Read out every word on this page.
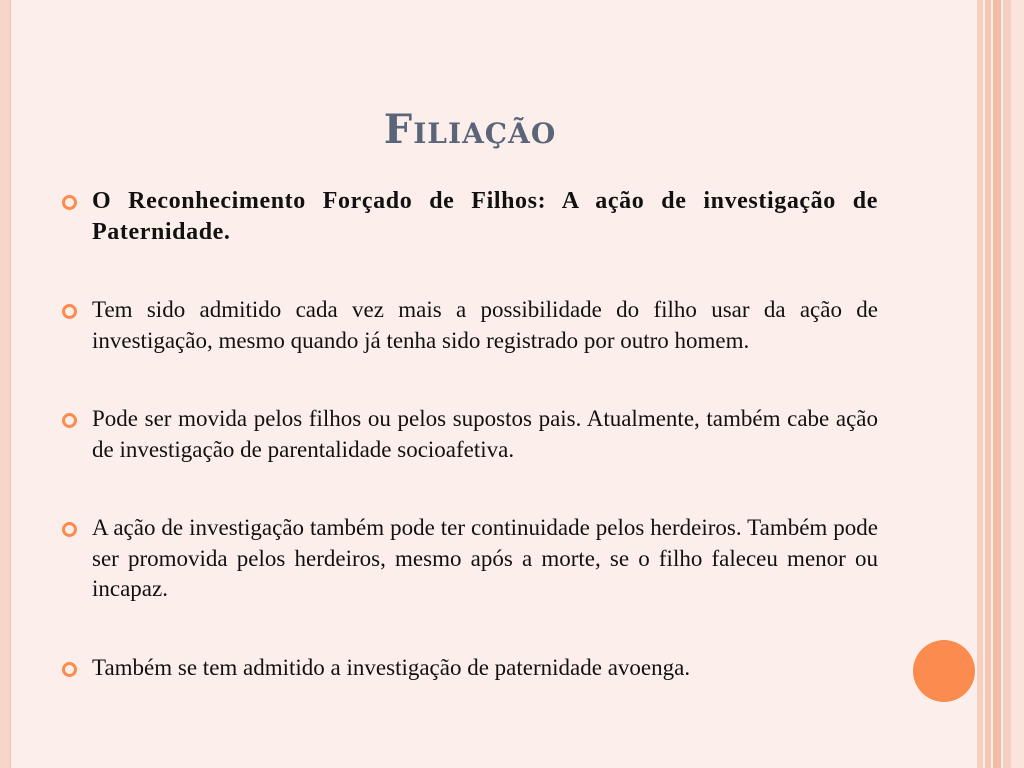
Filiação
O Reconhecimento Forçado de Filhos: A ação de investigação de Paternidade.
Tem sido admitido cada vez mais a possibilidade do filho usar da ação de investigação, mesmo quando já tenha sido registrado por outro homem.
Pode ser movida pelos filhos ou pelos supostos pais. Atualmente, também cabe ação de investigação de parentalidade socioafetiva.
A ação de investigação também pode ter continuidade pelos herdeiros. Também pode ser promovida pelos herdeiros, mesmo após a morte, se o filho faleceu menor ou incapaz.
Também se tem admitido a investigação de paternidade avoenga.
